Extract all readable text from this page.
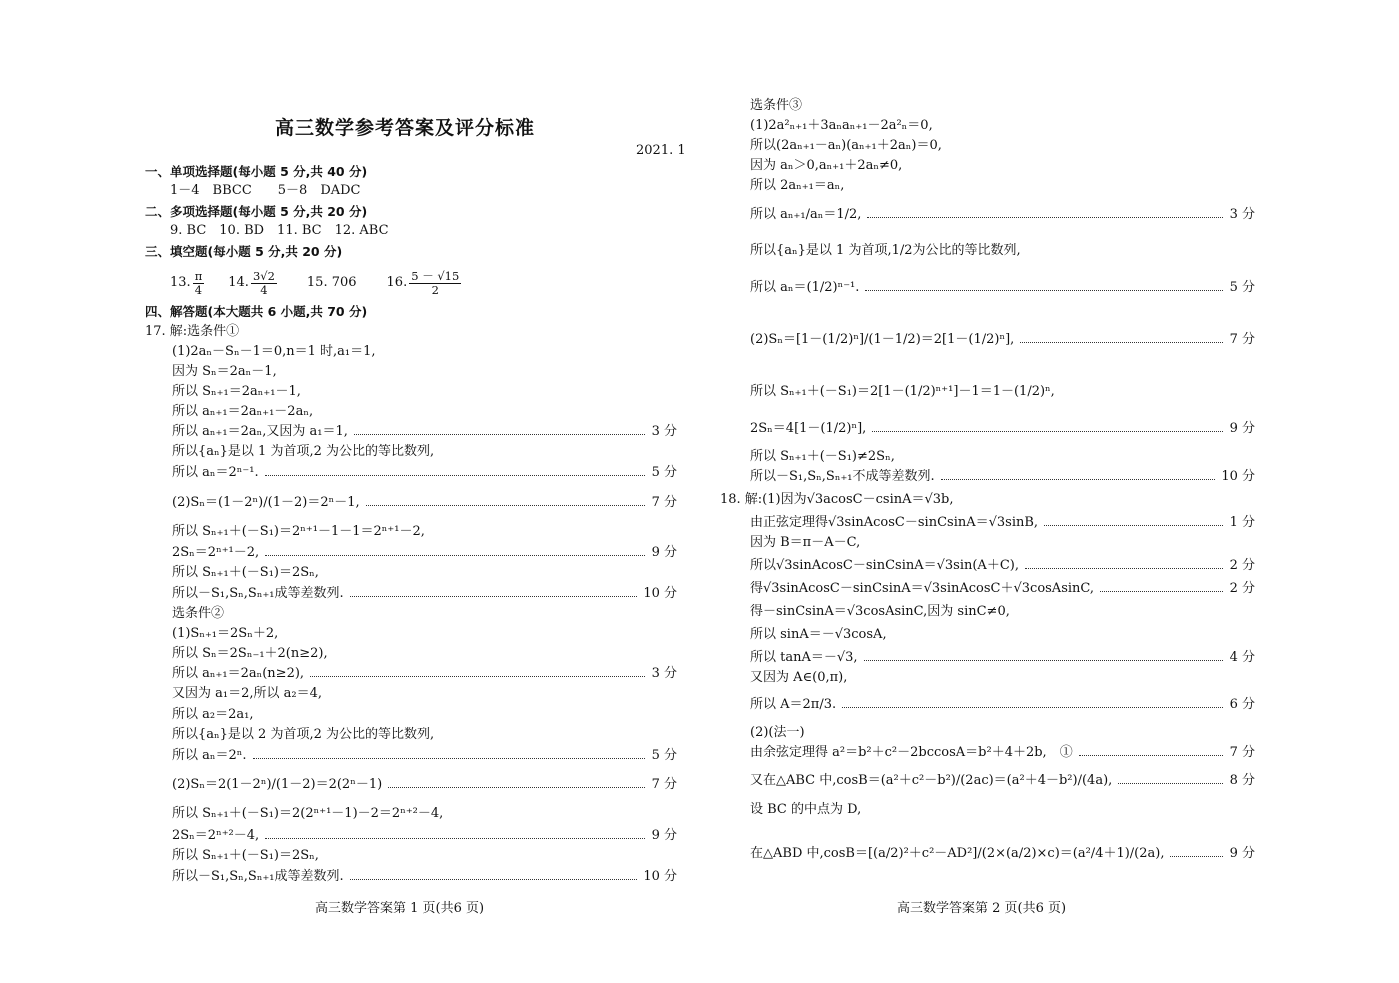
高三数学参考答案及评分标准
2021. 1
一、单项选择题(每小题 5 分,共 40 分)
1－4　BBCC　　5－8　DADC
二、多项选择题(每小题 5 分,共 20 分)
9. BC　10. BD　11. BC　12. ABC
三、填空题(每小题 5 分,共 20 分)
13. $\frac{\pi}{4} 14$. $\frac{3√2}{4} 15$. 706 16. $\frac{5 - √15}{2}$
四、解答题(本大题共 6 小题,共 70 分)
17. 解:选条件①
(1)2aₙ－Sₙ－1＝0,n＝1 时,a₁＝1,
因为 Sₙ＝2aₙ－1,
所以 Sₙ₊₁＝2aₙ₊₁－1,
所以 aₙ₊₁＝2aₙ₊₁－2aₙ,
所以 aₙ₊₁＝2aₙ,又因为 a₁＝1,	3 分
所以{aₙ}是以 1 为首项,2 为公比的等比数列,
所以 aₙ＝2ⁿ⁻¹.	5 分
(2)Sₙ＝(1－2ⁿ)/(1－2)＝2ⁿ－1,	7 分
所以 Sₙ₊₁＋(－S₁)＝2ⁿ⁺¹－1－1＝2ⁿ⁺¹－2,
2Sₙ＝2ⁿ⁺¹－2,	9 分
所以 Sₙ₊₁＋(－S₁)＝2Sₙ,
所以－S₁,Sₙ,Sₙ₊₁成等差数列.	10 分
选条件②
(1)Sₙ₊₁＝2Sₙ＋2,
所以 Sₙ＝2Sₙ₋₁＋2(n≥2),
所以 aₙ₊₁＝2aₙ(n≥2),	3 分
又因为 a₁＝2,所以 a₂＝4,
所以 a₂＝2a₁,
所以{aₙ}是以 2 为首项,2 为公比的等比数列,
所以 aₙ＝2ⁿ.	5 分
(2)Sₙ＝2(1－2ⁿ)/(1－2)＝2(2ⁿ－1)	7 分
所以 Sₙ₊₁＋(－S₁)＝2(2ⁿ⁺¹－1)－2＝2ⁿ⁺²－4,
2Sₙ＝2ⁿ⁺²－4,	9 分
所以 Sₙ₊₁＋(－S₁)＝2Sₙ,
所以－S₁,Sₙ,Sₙ₊₁成等差数列.	10 分
高三数学答案第 1 页(共6 页)
选条件③
(1)2a²ₙ₊₁＋3aₙaₙ₊₁－2a²ₙ＝0,
所以(2aₙ₊₁－aₙ)(aₙ₊₁＋2aₙ)＝0,
因为 aₙ＞0,aₙ₊₁＋2aₙ≠0,
所以 2aₙ₊₁＝aₙ,
所以 aₙ₊₁/aₙ＝1/2,	3 分
所以{aₙ}是以 1 为首项,1/2为公比的等比数列,
所以 aₙ＝(1/2)ⁿ⁻¹.	5 分
(2)Sₙ＝[1－(1/2)ⁿ]/(1－1/2)＝2[1－(1/2)ⁿ],	7 分
所以 Sₙ₊₁＋(－S₁)＝2[1－(1/2)ⁿ⁺¹]－1＝1－(1/2)ⁿ,
2Sₙ＝4[1－(1/2)ⁿ],	9 分
所以 Sₙ₊₁＋(－S₁)≠2Sₙ,
所以－S₁,Sₙ,Sₙ₊₁不成等差数列.	10 分
18. 解:(1)因为√3acosC－csinA＝√3b,
由正弦定理得√3sinAcosC－sinCsinA＝√3sinB,	1 分
因为 B＝π－A－C,
所以√3sinAcosC－sinCsinA＝√3sin(A＋C),	2 分
得√3sinAcosC－sinCsinA＝√3sinAcosC＋√3cosAsinC,	2 分
得－sinCsinA＝√3cosAsinC,因为 sinC≠0,
所以 sinA＝－√3cosA,
所以 tanA＝－√3,	4 分
又因为 A∈(0,π),
所以 A＝2π/3.	6 分
(2)(法一)
由余弦定理得 a²＝b²＋c²－2bccosA＝b²＋4＋2b,　①	7 分
又在△ABC 中,cosB＝(a²＋c²－b²)/(2ac)＝(a²＋4－b²)/(4a),	8 分
设 BC 的中点为 D,
在△ABD 中,cosB＝[(a/2)²＋c²－AD²]/(2×(a/2)×c)＝(a²/4＋1)/(2a),	9 分
高三数学答案第 2 页(共6 页)
